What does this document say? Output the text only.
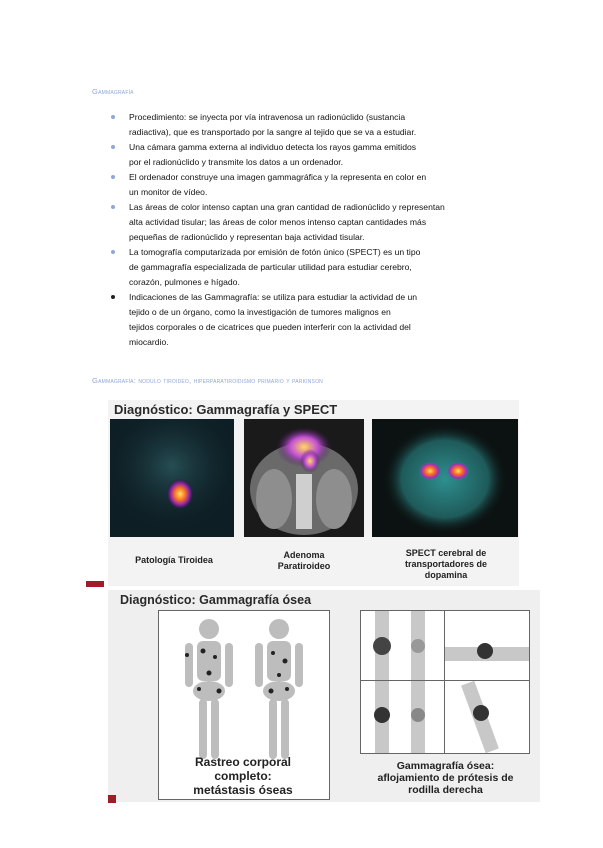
Gammagrafía
Procedimiento: se inyecta por vía intravenosa un radionúclido (sustancia
radiactiva), que es transportado por la sangre al tejido que se va a estudiar.
Una cámara gamma externa al individuo detecta los rayos gamma emitidos
por el radionúclido y transmite los datos a un ordenador.
El ordenador construye una imagen gammagráfica y la representa en color en
un monitor de vídeo.
Las áreas de color intenso captan una gran cantidad de radionúclido y representan
alta actividad tisular; las áreas de color menos intenso captan cantidades más
pequeñas de radionúclido y representan baja actividad tisular.
La tomografía computarizada por emisión de fotón único (SPECT) es un tipo
de gammagrafía especializada de particular utilidad para estudiar cerebro,
corazón, pulmones e hígado.
Indicaciones de las Gammagrafía: se utiliza para estudiar la actividad de un
tejido o de un órgano, como la investigación de tumores malignos en
tejidos corporales o de cicatrices que pueden interferir con la actividad del
miocardio.
Gammagrafía: nodulo tiroideo, hiperparatiroidismo primario y parkinson
Diagnóstico: Gammagrafía y SPECT
Patología Tiroidea	Adenoma
Paratiroideo
SPECT cerebral de
transportadores de
dopamina
Diagnóstico: Gammagrafía ósea
Rastreo corporal
completo:
metástasis óseas
Gammagrafía ósea:
aflojamiento de prótesis de
rodilla derecha
